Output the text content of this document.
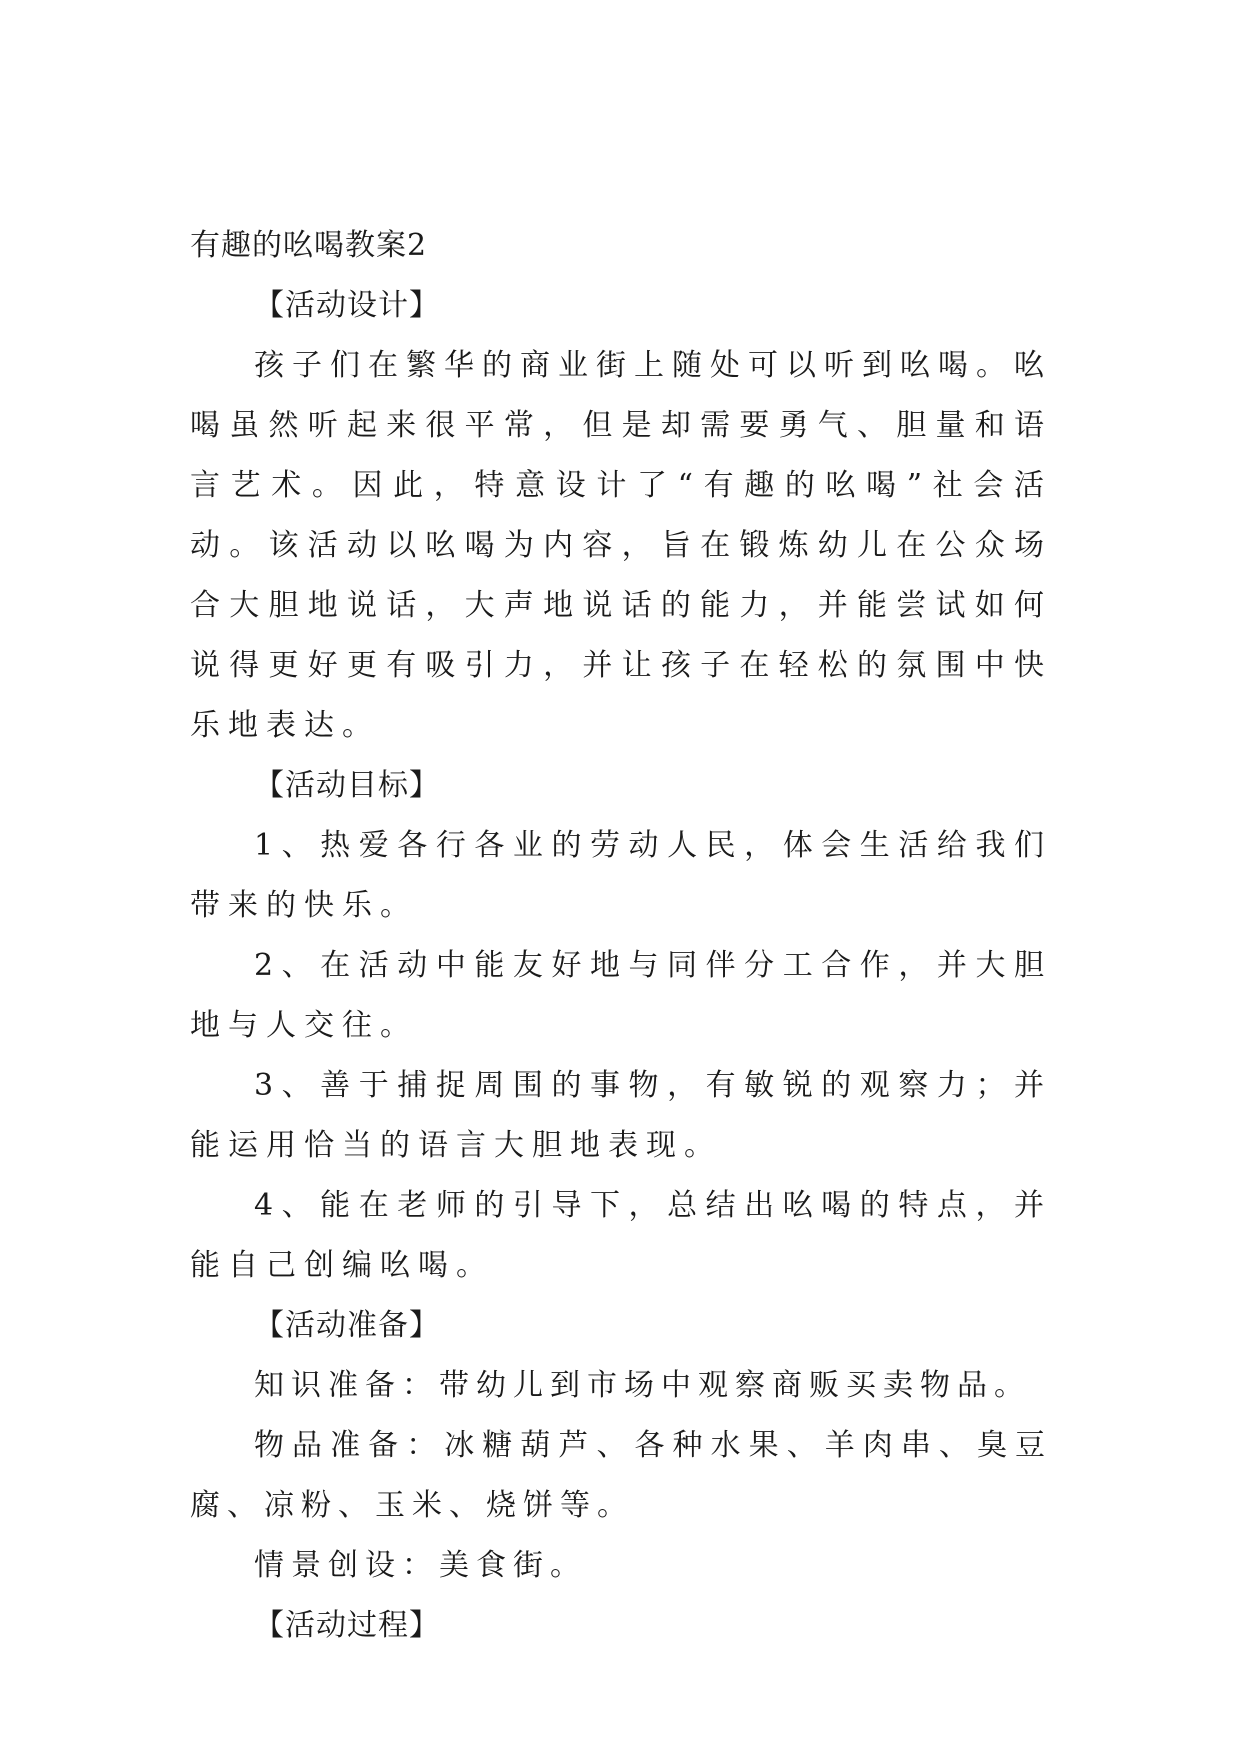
有趣的吆喝教案2

【活动设计】

孩子们在繁华的商业街上随处可以听到吆喝。吆喝虽然听起来很平常，但是却需要勇气、胆量和语言艺术。因此，特意设计了“有趣的吆喝”社会活动。该活动以吆喝为内容，旨在锻炼幼儿在公众场合大胆地说话，大声地说话的能力，并能尝试如何说得更好更有吸引力，并让孩子在轻松的氛围中快乐地表达。

【活动目标】

1、热爱各行各业的劳动人民，体会生活给我们带来的快乐。

2、在活动中能友好地与同伴分工合作，并大胆地与人交往。

3、善于捕捉周围的事物，有敏锐的观察力；并能运用恰当的语言大胆地表现。

4、能在老师的引导下，总结出吆喝的特点，并能自己创编吆喝。

【活动准备】

知识准备：带幼儿到市场中观察商贩买卖物品。

物品准备：冰糖葫芦、各种水果、羊肉串、臭豆腐、凉粉、玉米、烧饼等。

情景创设：美食街。

【活动过程】
